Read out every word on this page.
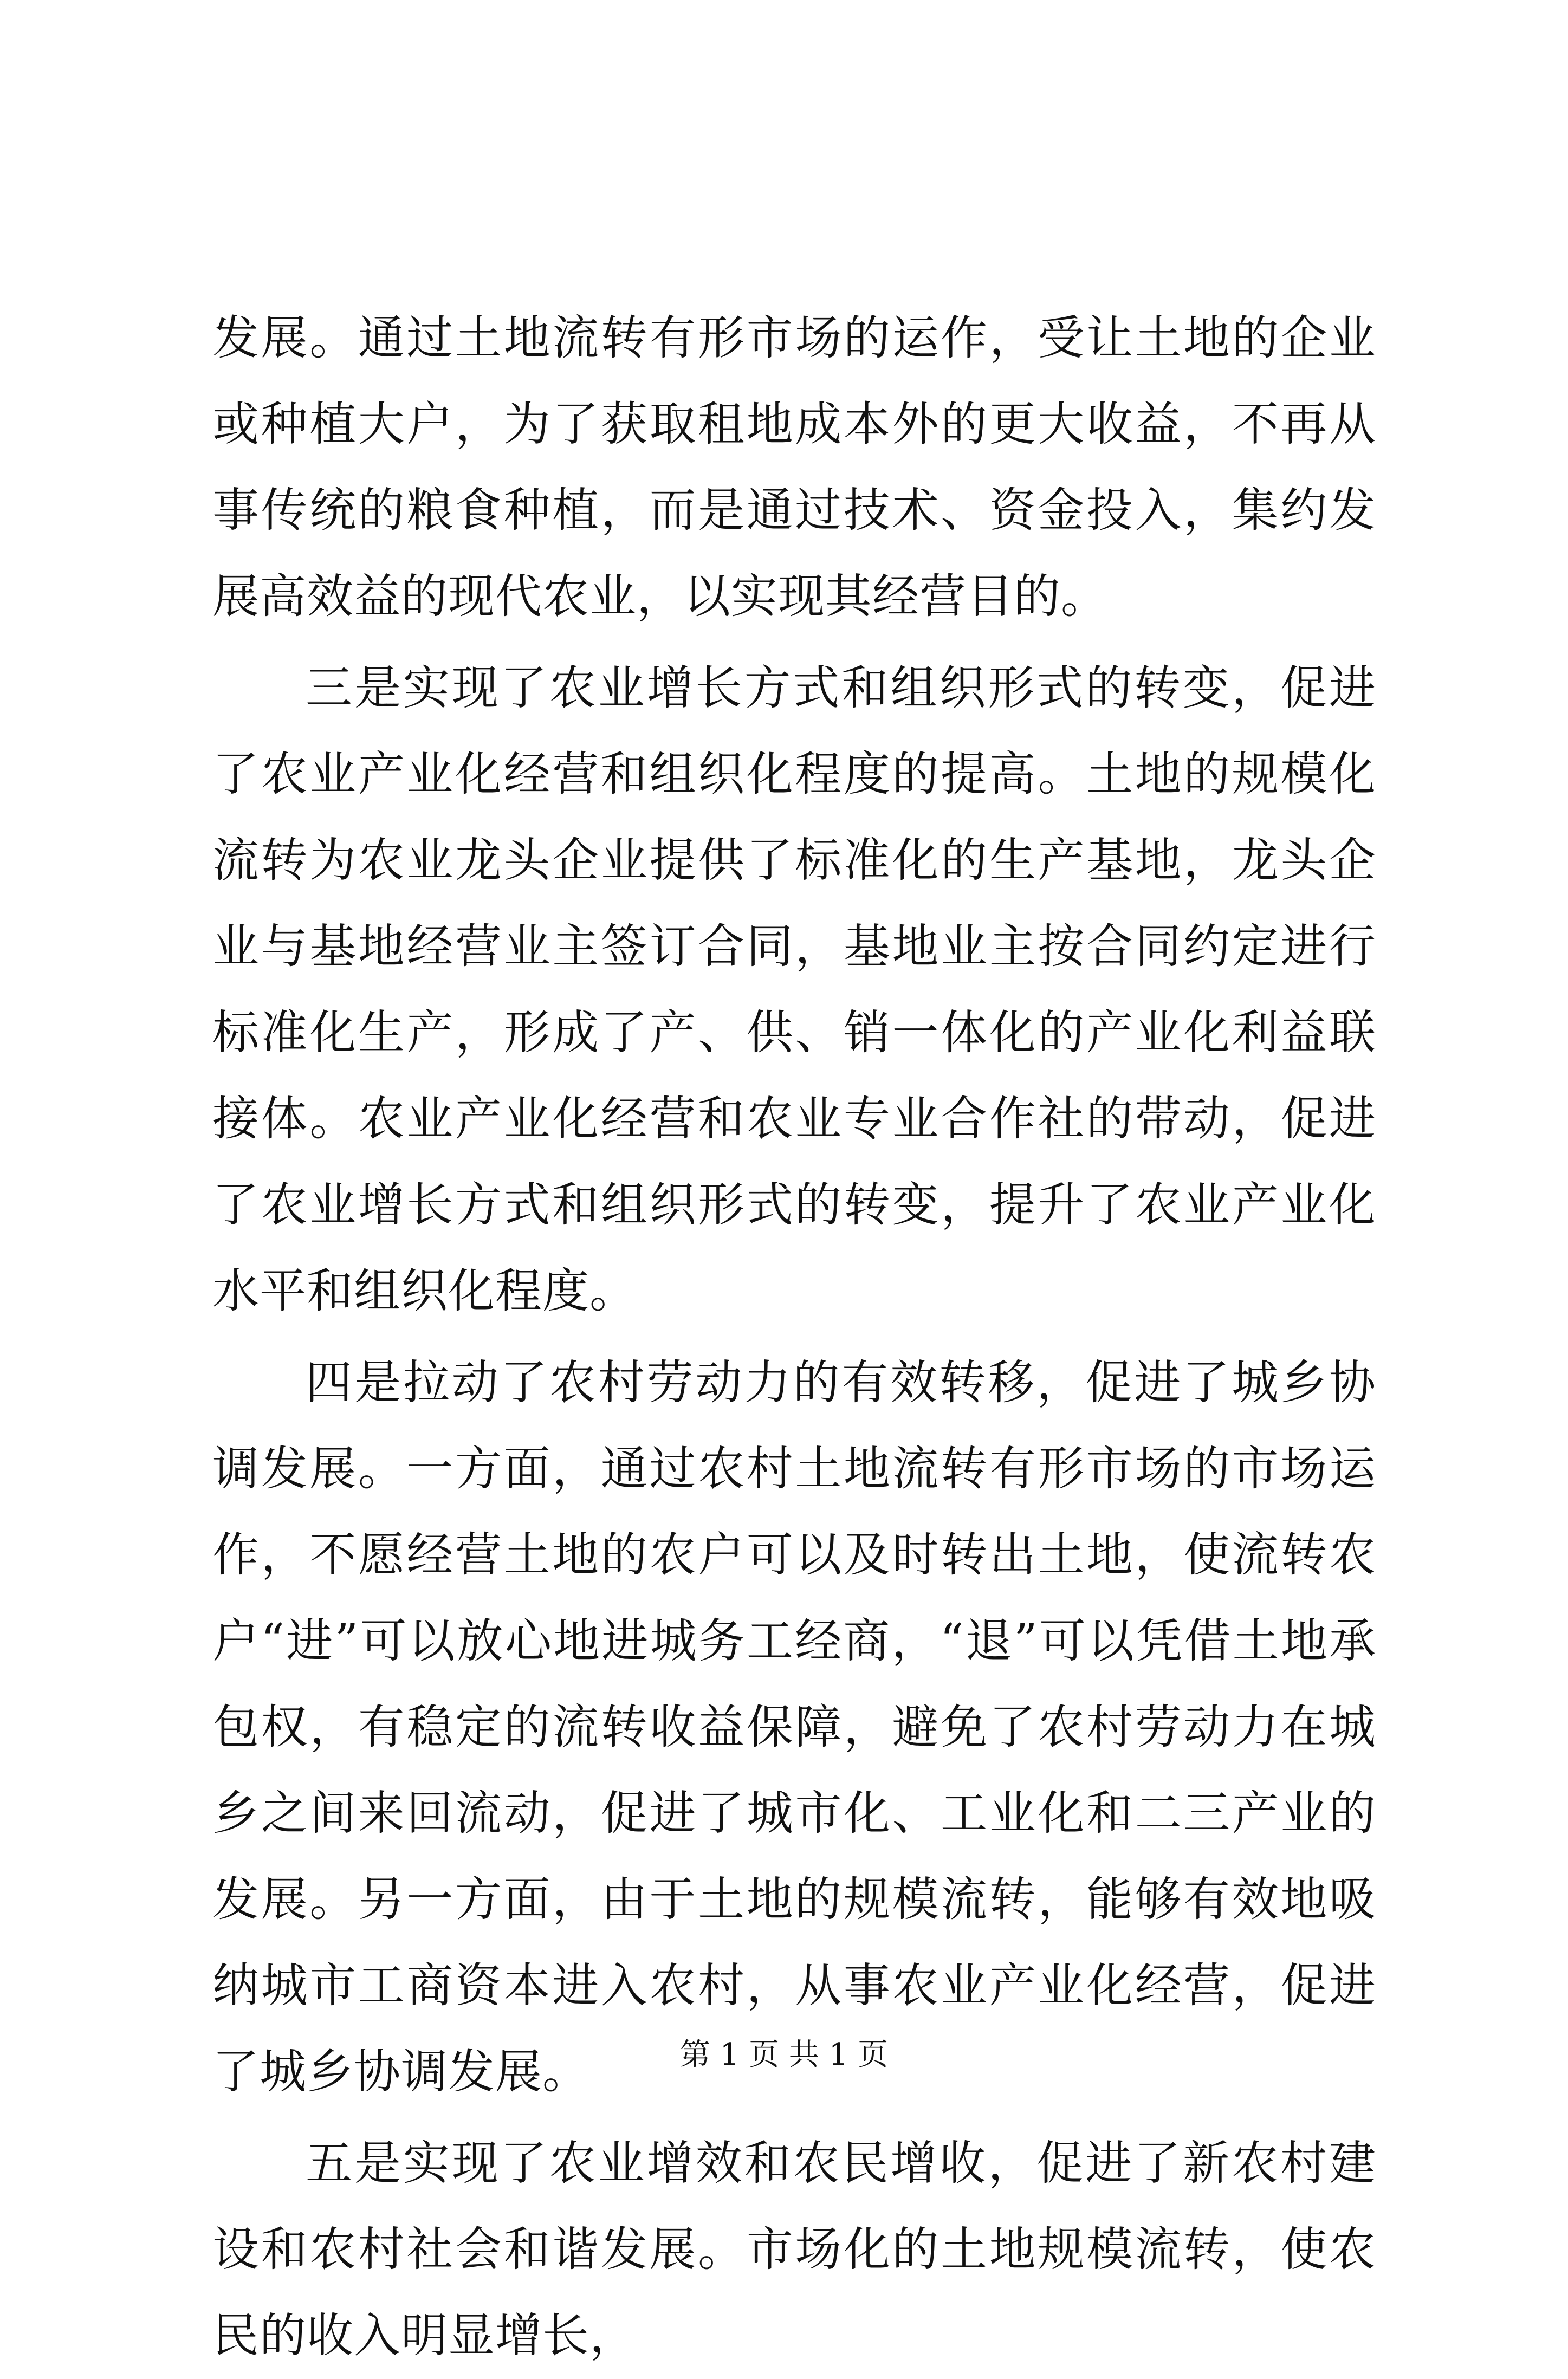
发展。通过土地流转有形市场的运作，受让土地的企业或种植大户，为了获取租地成本外的更大收益，不再从事传统的粮食种植，而是通过技术、资金投入，集约发展高效益的现代农业，以实现其经营目的。

三是实现了农业增长方式和组织形式的转变，促进了农业产业化经营和组织化程度的提高。土地的规模化流转为农业龙头企业提供了标准化的生产基地，龙头企业与基地经营业主签订合同，基地业主按合同约定进行标准化生产，形成了产、供、销一体化的产业化利益联接体。农业产业化经营和农业专业合作社的带动，促进了农业增长方式和组织形式的转变，提升了农业产业化水平和组织化程度。

四是拉动了农村劳动力的有效转移，促进了城乡协调发展。一方面，通过农村土地流转有形市场的市场运作，不愿经营土地的农户可以及时转出土地，使流转农户“进”可以放心地进城务工经商，“退”可以凭借土地承包权，有稳定的流转收益保障，避免了农村劳动力在城乡之间来回流动，促进了城市化、工业化和二三产业的发展。另一方面，由于土地的规模流转，能够有效地吸纳城市工商资本进入农村，从事农业产业化经营，促进了城乡协调发展。

五是实现了农业增效和农民增收，促进了新农村建设和农村社会和谐发展。市场化的土地规模流转，使农民的收入明显增长，

第 1 页 共 1 页
